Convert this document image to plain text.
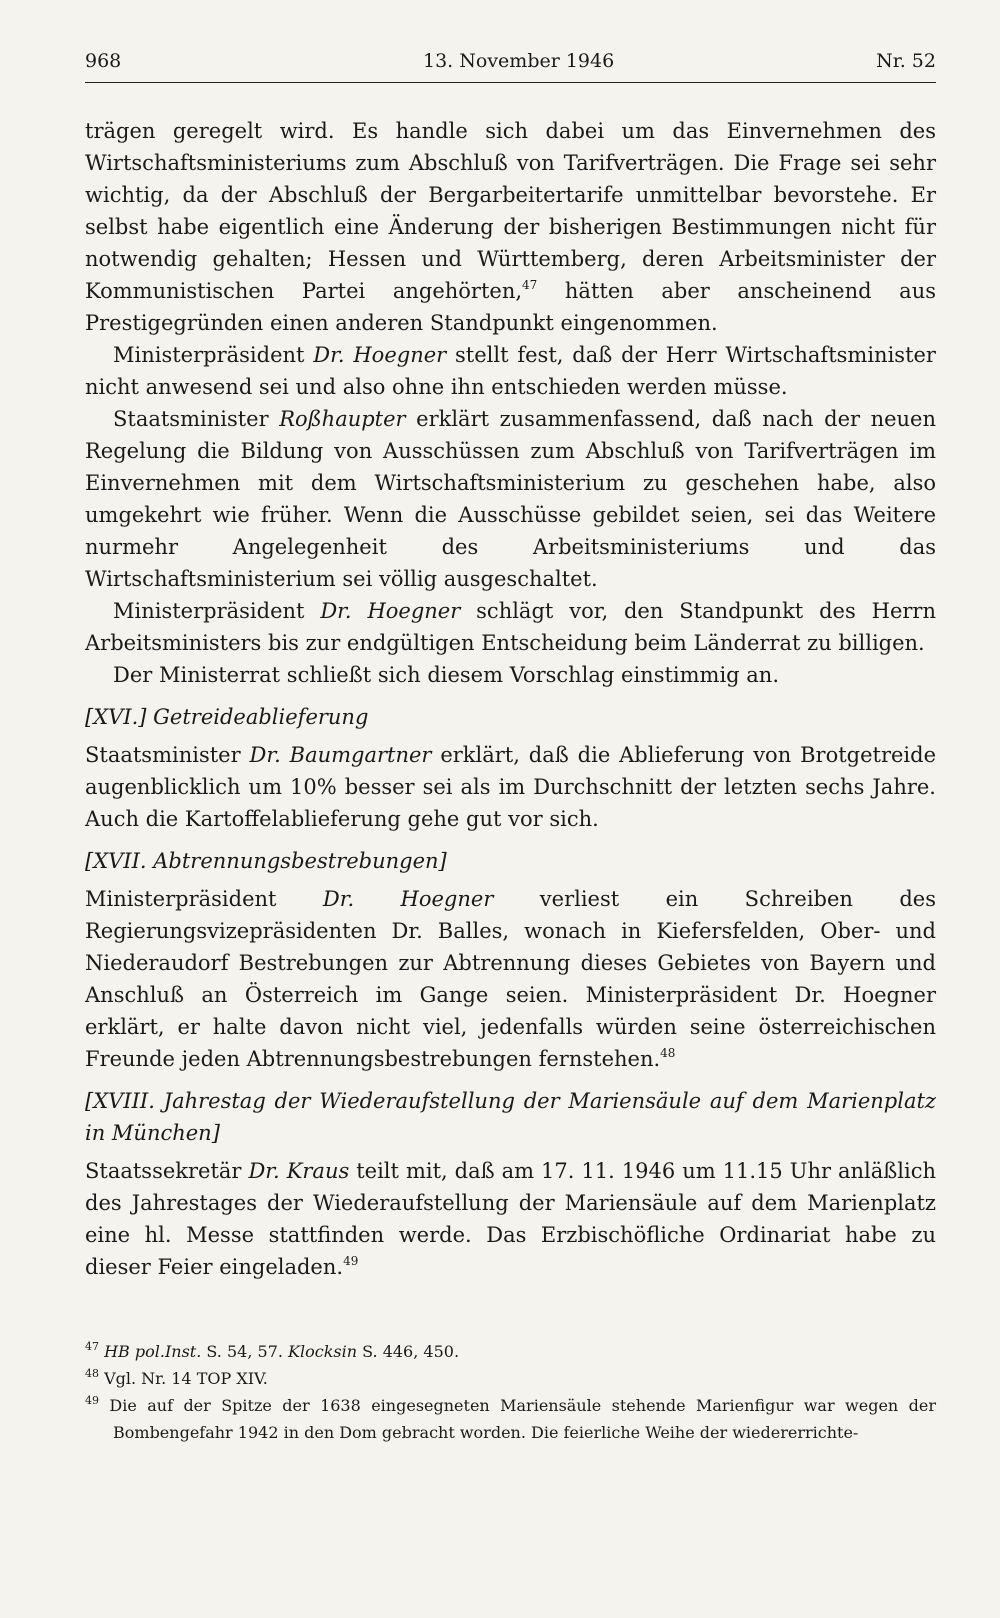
968	13. November 1946	Nr. 52

trägen geregelt wird. Es handle sich dabei um das Einvernehmen des Wirtschaftsministeriums zum Abschluß von Tarifverträgen. Die Frage sei sehr wichtig, da der Abschluß der Bergarbeitertarife unmittelbar bevorstehe. Er selbst habe eigentlich eine Änderung der bisherigen Bestimmungen nicht für notwendig gehalten; Hessen und Württemberg, deren Arbeitsminister der Kommunistischen Partei angehörten,$^{47}$ hätten aber anscheinend aus Prestigegründen einen anderen Standpunkt eingenommen.

Ministerpräsident Dr. Hoegner stellt fest, daß der Herr Wirtschaftsminister nicht anwesend sei und also ohne ihn entschieden werden müsse.

Staatsminister Roßhaupter erklärt zusammenfassend, daß nach der neuen Regelung die Bildung von Ausschüssen zum Abschluß von Tarifverträgen im Einvernehmen mit dem Wirtschaftsministerium zu geschehen habe, also umgekehrt wie früher. Wenn die Ausschüsse gebildet seien, sei das Weitere nurmehr Angelegenheit des Arbeitsministeriums und das Wirtschaftsministerium sei völlig ausgeschaltet.

Ministerpräsident Dr. Hoegner schlägt vor, den Standpunkt des Herrn Arbeitsministers bis zur endgültigen Entscheidung beim Länderrat zu billigen.

Der Ministerrat schließt sich diesem Vorschlag einstimmig an.

[XVI.] Getreideablieferung

Staatsminister Dr. Baumgartner erklärt, daß die Ablieferung von Brotgetreide augenblicklich um 10% besser sei als im Durchschnitt der letzten sechs Jahre. Auch die Kartoffelablieferung gehe gut vor sich.

[XVII. Abtrennungsbestrebungen]

Ministerpräsident Dr. Hoegner verliest ein Schreiben des Regierungsvizepräsidenten Dr. Balles, wonach in Kiefersfelden, Ober- und Niederaudorf Bestrebungen zur Abtrennung dieses Gebietes von Bayern und Anschluß an Österreich im Gange seien. Ministerpräsident Dr. Hoegner erklärt, er halte davon nicht viel, jedenfalls würden seine österreichischen Freunde jeden Abtrennungsbestrebungen fernstehen.$^{48}$

[XVIII. Jahrestag der Wiederaufstellung der Mariensäule auf dem Marienplatz in München]

Staatssekretär Dr. Kraus teilt mit, daß am 17. 11. 1946 um 11.15 Uhr anläßlich des Jahrestages der Wiederaufstellung der Mariensäule auf dem Marienplatz eine hl. Messe stattfinden werde. Das Erzbischöfliche Ordinariat habe zu dieser Feier eingeladen.$^{49}$

$^{47}$ HB pol.Inst. S. 54, 57. Klocksin S. 446, 450.

$^{48}$ Vgl. Nr. 14 TOP XIV.

$^{49}$ Die auf der Spitze der 1638 eingesegneten Mariensäule stehende Marienfigur war wegen der Bombengefahr 1942 in den Dom gebracht worden. Die feierliche Weihe der wiedererrichte-
